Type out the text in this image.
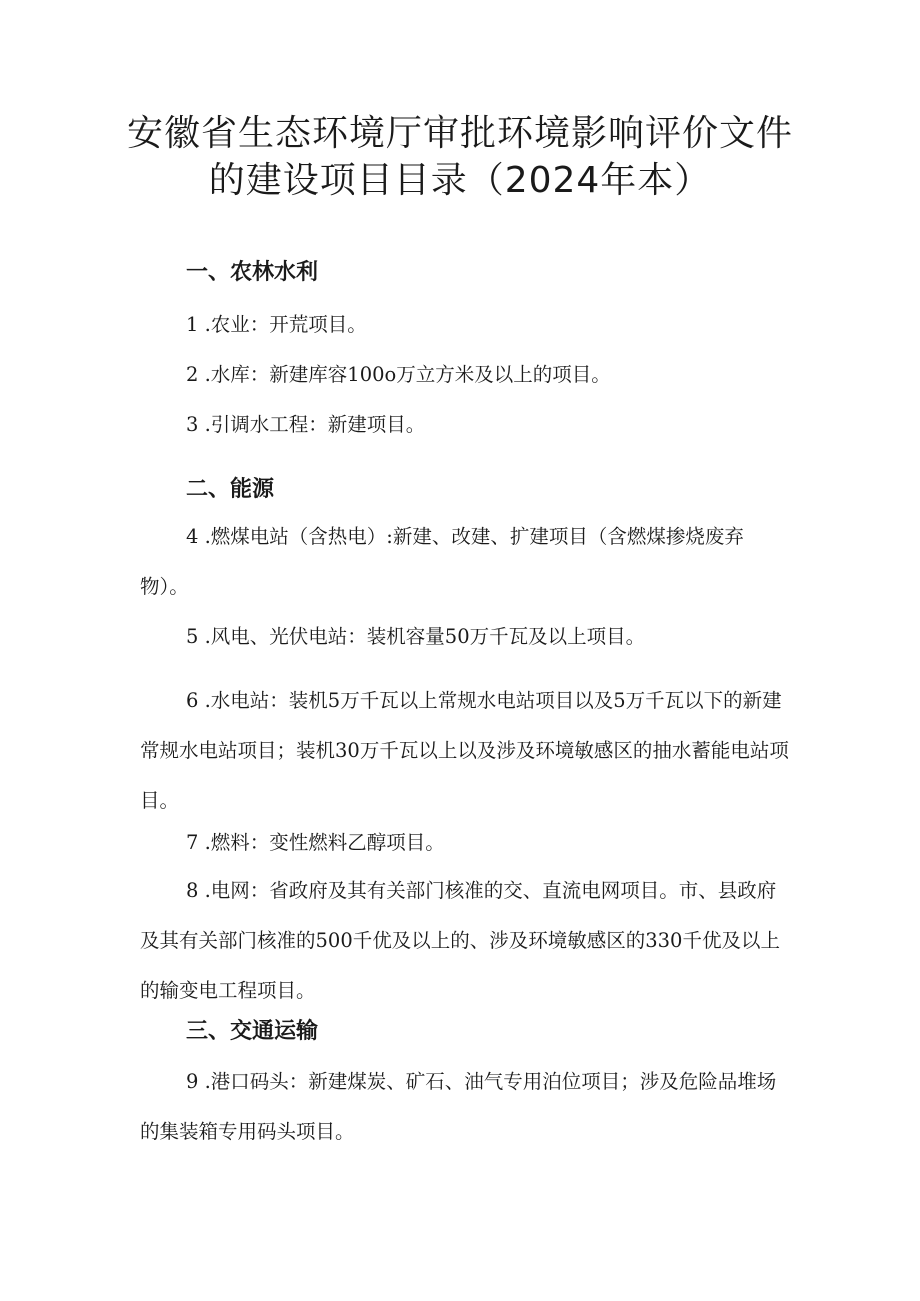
安徽省生态环境厅审批环境影响评价文件
的建设项目目录（2024年本）
一、农林水利
1 .农业：开荒项目。
2 .水库：新建库容100o万立方米及以上的项目。
3 .引调水工程：新建项目。
二、能源
4 .燃煤电站（含热电）:新建、改建、扩建项目（含燃煤掺烧废弃物）。
5 .风电、光伏电站：装机容量50万千瓦及以上项目。
6 .水电站：装机5万千瓦以上常规水电站项目以及5万千瓦以下的新建常规水电站项目；装机30万千瓦以上以及涉及环境敏感区的抽水蓄能电站项目。
7 .燃料：变性燃料乙醇项目。
8 .电网：省政府及其有关部门核准的交、直流电网项目。市、县政府及其有关部门核准的500千优及以上的、涉及环境敏感区的330千优及以上的输变电工程项目。
三、交通运输
9 .港口码头：新建煤炭、矿石、油气专用泊位项目；涉及危险品堆场的集装箱专用码头项目。
